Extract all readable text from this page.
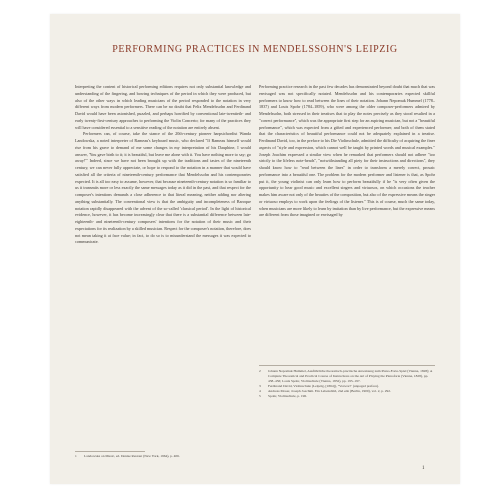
PERFORMING PRACTICES IN MENDELSSOHN'S LEIPZIG

Interpreting the content of historical performing editions requires not only substantial knowledge and understanding of the fingering, and bowing techniques of the period in which they were produced, but also of the other ways in which leading musicians of the period responded to the notation in very different ways from modern performers. There can be no doubt that Felix Mendelssohn and Ferdinand David would have been astonished, puzzled, and perhaps horrified by conventional late-twentieth- and early twenty-first-century approaches to performing the Violin Concerto; for many of the practices they will have considered essential to a sensitive reading of the notation are entirely absent.

Performers can, of course, take the stance of the 20th-century pioneer harpsichordist Wanda Landowska, a noted interpreter of Rameau's keyboard music, who declared "If Rameau himself would rise from his grave to demand of me some changes in my interpretation of his Dauphine, I would answer, 'You gave birth to it; it is beautiful, but leave me alone with it. You have nothing more to say; go away!'" Indeed, since we have not been brought up with the traditions and tastes of the nineteenth century, we can never fully appreciate, or hope to respond to the notation in a manner that would have satisfied all the criteria of nineteenth-century performance that Mendelssohn and his contemporaries expected. It is all too easy to assume, however, that because nineteenth-century notation is so familiar to us it transmits more or less exactly the same messages today as it did in the past, and that respect for the composer's intentions demands a close adherence to that literal meaning, neither adding nor altering anything substantially. The conventional view is that the ambiguity and incompleteness of Baroque notation rapidly disappeared with the advent of the so-called 'classical period'. In the light of historical evidence, however, it has become increasingly clear that there is a substantial difference between late-eighteenth- and nineteenth-century composers' intentions for the notation of their music and their expectations for its realization by a skilled musician. Respect for the composer's notation, therefore, does not mean taking it at face value; in fact, to do so is to misunderstand the messages it was expected to communicate.

Performing practice research in the past few decades has demonstrated beyond doubt that much that was envisaged was not specifically notated. Mendelssohn and his contemporaries expected skillful performers to know how to read between the lines of their notation. Johann Nepomuk Hummel (1778–1837) and Louis Spohr (1784–1859), who were among the older composer-performers admired by Mendelssohn, both stressed in their treatises that to play the notes precisely as they stood resulted in a "correct performance", which was the appropriate first step for an aspiring musician, but not a "beautiful performance", which was expected from a gifted and experienced performer; and both of them stated that the characteristics of beautiful performance could not be adequately explained in a treatise. Ferdinand David, too, in the preface to his Die Violinschule, admitted the difficulty of acquiring the finer aspects of "style and expression, which cannot well be taught by printed words and musical examples." Joseph Joachim expressed a similar view when he remarked that performers should not adhere "too strictly to the lifeless note-heads", "notwithstanding all piety for their instructions and directions", they should know how to "read between the lines" in order to transform a merely correct, prosaic performance into a beautiful one. The problem for the modern performer and listener is that, as Spohr put it, the young violinist can only learn how to perform beautifully if he "is very often given the opportunity to hear good music and excellent singers and virtuosos, on which occasions the teacher makes him aware not only of the beauties of the composition, but also of the expressive means the singer or virtuoso employs to work upon the feelings of the listener." This is of course, much the same today, when musicians are more likely to learn by imitation than by live performance, but the expressive means are different from those imagined or envisaged by

1	Landowska on Music, ed. Denise Restout (New York, 1964), p. 406.
2	Johann Nepomuk Hummel, Ausführliche theoretisch-practische Anweisung zum Piano-Forte-Spiel (Vienna, 1828); A Complete Theoretical and Practical Course of Instructions on the Art of Playing the Pianoforte (Vienna, 1828), pp. 438–456; Louis Spohr, Violinschule (Vienna, 1832), pp. 195–197.
3	Ferdinand David, Violinschule (Leipzig, [1864]), "Vorwort" (unpaged preface).
4	Andreas Moser, Joseph Joachim. Ein Lebensbild, 2nd edn (Berlin, 1900), vol. 2, p. 292.
5	Spohr, Violinschule, p. 196.
1
